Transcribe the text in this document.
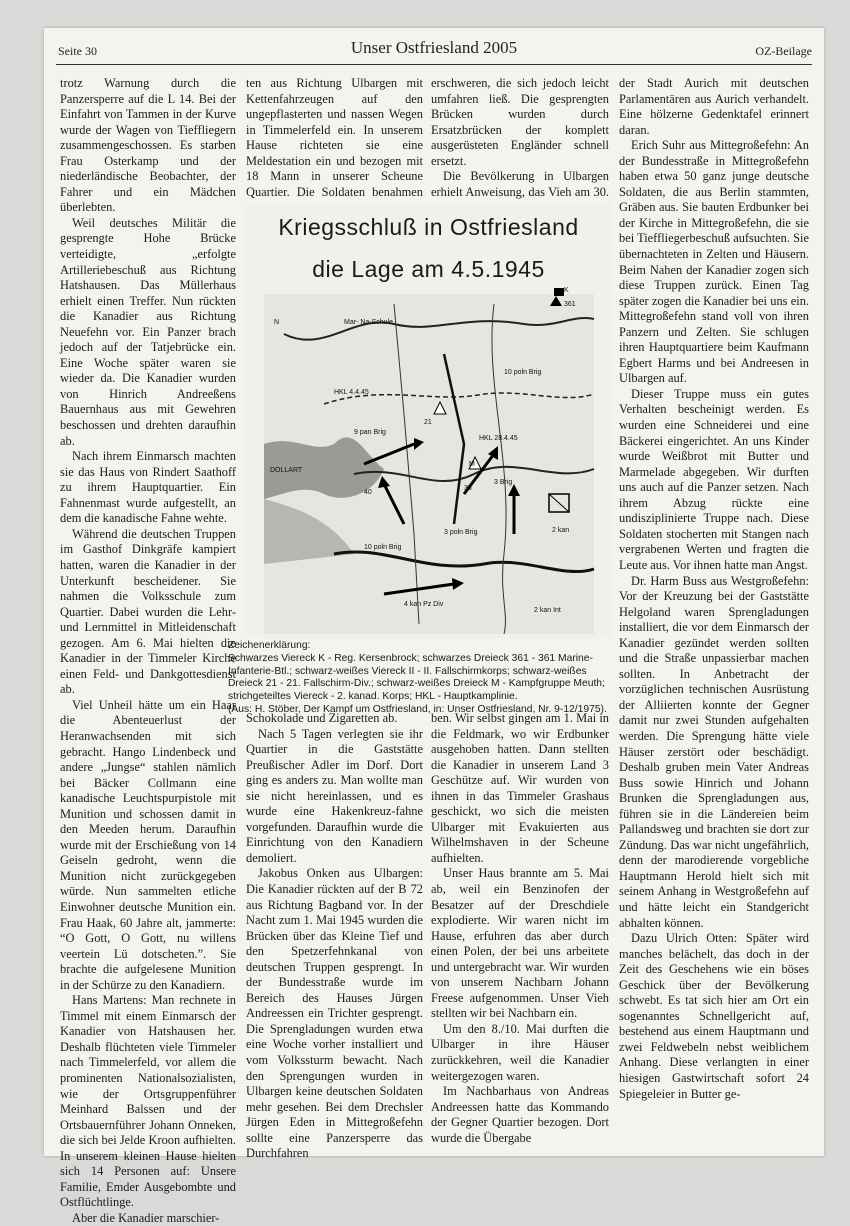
Seite 30	Unser Ostfriesland 2005	OZ-Beilage

trotz Warnung durch die Panzersperre auf die L 14. Bei der Einfahrt von Tammen in der Kurve wurde der Wagen von Tieffliegern zusammengeschossen. Es starben Frau Osterkamp und der niederländische Beobachter, der Fahrer und ein Mädchen überlebten.

Weil deutsches Militär die gesprengte Hohe Brücke verteidigte, „erfolgte Artilleriebeschuß aus Richtung Hatshausen. Das Müllerhaus erhielt einen Treffer. Nun rückten die Kanadier aus Richtung Neuefehn vor. Ein Panzer brach jedoch auf der Tatjebrücke ein. Eine Woche später waren sie wieder da. Die Kanadier wurden von Hinrich Andreeßens Bauernhaus aus mit Gewehren beschossen und drehten daraufhin ab.

Nach ihrem Einmarsch machten sie das Haus von Rindert Saathoff zu ihrem Hauptquartier. Ein Fahnenmast wurde aufgestellt, an dem die kanadische Fahne wehte.

Während die deutschen Truppen im Gasthof Dinkgräfe kampiert hatten, waren die Kanadier in der Unterkunft bescheidener. Sie nahmen die Volksschule zum Quartier. Dabei wurden die Lehr- und Lernmittel in Mitleidenschaft gezogen. Am 6. Mai hielten die Kanadier in der Timmeler Kirche einen Feld- und Dankgottesdienst ab.

Viel Unheil hätte um ein Haar die Abenteuerlust der Heranwachsenden mit sich gebracht. Hango Lindenbeck und andere „Jungse“ stahlen nämlich bei Bäcker Collmann eine kanadische Leuchtspurpistole mit Munition und schossen damit in den Meeden herum. Daraufhin wurde mit der Erschießung von 14 Geiseln gedroht, wenn die Munition nicht zurückgegeben würde. Nun sammelten etliche Einwohner deutsche Munition ein. Frau Haak, 60 Jahre alt, jammerte: “O Gott, O Gott, nu willens veertein Lü dotscheten.”. Sie brachte die aufgelesene Munition in der Schürze zu den Kanadiern.

Hans Martens: Man rechnete in Timmel mit einem Einmarsch der Kanadier von Hatshausen her. Deshalb flüchteten viele Timmeler nach Timmelerfeld, vor allem die prominenten Nationalsozialisten, wie der Ortsgruppenführer Meinhard Balssen und der Ortsbauernführer Johann Onneken, die sich bei Jelde Kroon aufhielten. In unserem kleinen Hause hielten sich 14 Personen auf: Unsere Familie, Emder Ausgebombte und Ostflüchtlinge.

Aber die Kanadier marschier-

ten aus Richtung Ulbargen mit Kettenfahrzeugen auf den ungepflasterten und nassen Wegen in Timmelerfeld ein. In unserem Hause richteten sie eine Meldestation ein und bezogen mit 18 Mann in unserer Scheune Quartier. Die Soldaten benahmen

erschweren, die sich jedoch leicht umfahren ließ. Die gesprengten Brücken wurden durch Ersatzbrücken der komplett ausgerüsteten Engländer schnell ersetzt.

Die Bevölkerung in Ulbargen erhielt Anweisung, das Vieh am 30.

Kriegsschluß in Ostfriesland
die Lage am 4.5.1945
N	Mar- Na-Schule
K
361
HKL 4.4.45
HKL 28.4.45
9 pan Brig
10 poln Brig
3 poln Brig
3 Brig
10 poln Brig
4 kan Pz Div
2 kan
2 kan Int
35
21
40
DOLLART
M
Zeichenerklärung:
Schwarzes Viereck K - Reg. Kersenbrock; schwarzes Dreieck 361 - 361 Marine-Infanterie-Btl.; schwarz-weißes Viereck II - II. Fallschirmkorps; schwarz-weißes Dreieck 21 - 21. Fallschirm-Div.; schwarz-weißes Dreieck M - Kampfgruppe Meuth; strichgeteiltes Viereck - 2. kanad. Korps; HKL - Hauptkamplinie.
(Aus: H. Stöber, Der Kampf um Ostfriesland, in: Unser Ostfriesland, Nr. 9-12/1975).

Schokolade und Zigaretten ab.

Nach 5 Tagen verlegten sie ihr Quartier in die Gaststätte Preußischer Adler im Dorf. Dort ging es anders zu. Man wollte man sie nicht hereinlassen, und es wurde eine Hakenkreuz-fahne vorgefunden. Daraufhin wurde die Einrichtung von den Kanadiern demoliert.

Jakobus Onken aus Ulbargen: Die Kanadier rückten auf der B 72 aus Richtung Bagband vor. In der Nacht zum 1. Mai 1945 wurden die Brücken über das Kleine Tief und den Spetzerfehnkanal von deutschen Truppen gesprengt. In der Bundesstraße wurde im Bereich des Hauses Jürgen Andreessen ein Trichter gesprengt. Die Sprengladungen wurden etwa eine Woche vorher installiert und vom Volkssturm bewacht. Nach den Sprengungen wurden in Ulbargen keine deutschen Soldaten mehr gesehen. Bei dem Drechsler Jürgen Eden in Mittegroßefehn sollte eine Panzersperre das Durchfahren

ben. Wir selbst gingen am 1. Mai in die Feldmark, wo wir Erdbunker ausgehoben hatten. Dann stellten die Kanadier in unserem Land 3 Geschütze auf. Wir wurden von ihnen in das Timmeler Grashaus geschickt, wo sich die meisten Ulbarger mit Evakuierten aus Wilhelmshaven in der Scheune aufhielten.

Unser Haus brannte am 5. Mai ab, weil ein Benzinofen der Besatzer auf der Dreschdiele explodierte. Wir waren nicht im Hause, erfuhren das aber durch einen Polen, der bei uns arbeitete und untergebracht war. Wir wurden von unserem Nachbarn Johann Freese aufgenommen. Unser Vieh stellten wir bei Nachbarn ein.

Um den 8./10. Mai durften die Ulbarger in ihre Häuser zurückkehren, weil die Kanadier weitergezogen waren.

Im Nachbarhaus von Andreas Andreessen hatte das Kommando der Gegner Quartier bezogen. Dort wurde die Übergabe

der Stadt Aurich mit deutschen Parlamentären aus Aurich verhandelt. Eine hölzerne Gedenktafel erinnert daran.

Erich Suhr aus Mittegroßefehn: An der Bundesstraße in Mittegroßefehn haben etwa 50 ganz junge deutsche Soldaten, die aus Berlin stammten, Gräben aus. Sie bauten Erdbunker bei der Kirche in Mittegroßefehn, die sie bei Tieffliegerbeschuß aufsuchten. Sie übernachteten in Zelten und Häusern. Beim Nahen der Kanadier zogen sich diese Truppen zurück. Einen Tag später zogen die Kanadier bei uns ein. Mittegroßefehn stand voll von ihren Panzern und Zelten. Sie schlugen ihren Hauptquartiere beim Kaufmann Egbert Harms und bei Andreesen in Ulbargen auf.

Dieser Truppe muss ein gutes Verhalten bescheinigt werden. Es wurden eine Schneiderei und eine Bäckerei eingerichtet. An uns Kinder wurde Weißbrot mit Butter und Marmelade abgegeben. Wir durften uns auch auf die Panzer setzen. Nach ihrem Abzug rückte eine undisziplinierte Truppe nach. Diese Soldaten stocherten mit Stangen nach vergrabenen Werten und fragten die Leute aus. Vor ihnen hatte man Angst.

Dr. Harm Buss aus Westgroßefehn: Vor der Kreuzung bei der Gaststätte Helgoland waren Sprengladungen installiert, die vor dem Einmarsch der Kanadier gezündet werden sollten und die Straße unpassierbar machen sollten. In Anbetracht der vorzüglichen technischen Ausrüstung der Alliierten konnte der Gegner damit nur zwei Stunden aufgehalten werden. Die Sprengung hätte viele Häuser zerstört oder beschädigt. Deshalb gruben mein Vater Andreas Buss sowie Hinrich und Johann Brunken die Sprengladungen aus, führen sie in die Ländereien beim Pallandsweg und brachten sie dort zur Zündung. Das war nicht ungefährlich, denn der marodierende vorgebliche Hauptmann Herold hielt sich mit seinem Anhang in Westgroßefehn auf und hätte leicht ein Standgericht abhalten können.

Dazu Ulrich Otten: Später wird manches belächelt, das doch in der Zeit des Geschehens wie ein böses Geschick über der Bevölkerung schwebt. Es tat sich hier am Ort ein sogenanntes Schnellgericht auf, bestehend aus einem Hauptmann und zwei Feldwebeln nebst weiblichem Anhang. Diese verlangten in einer hiesigen Gastwirtschaft sofort 24 Spiegeleier in Butter ge-
